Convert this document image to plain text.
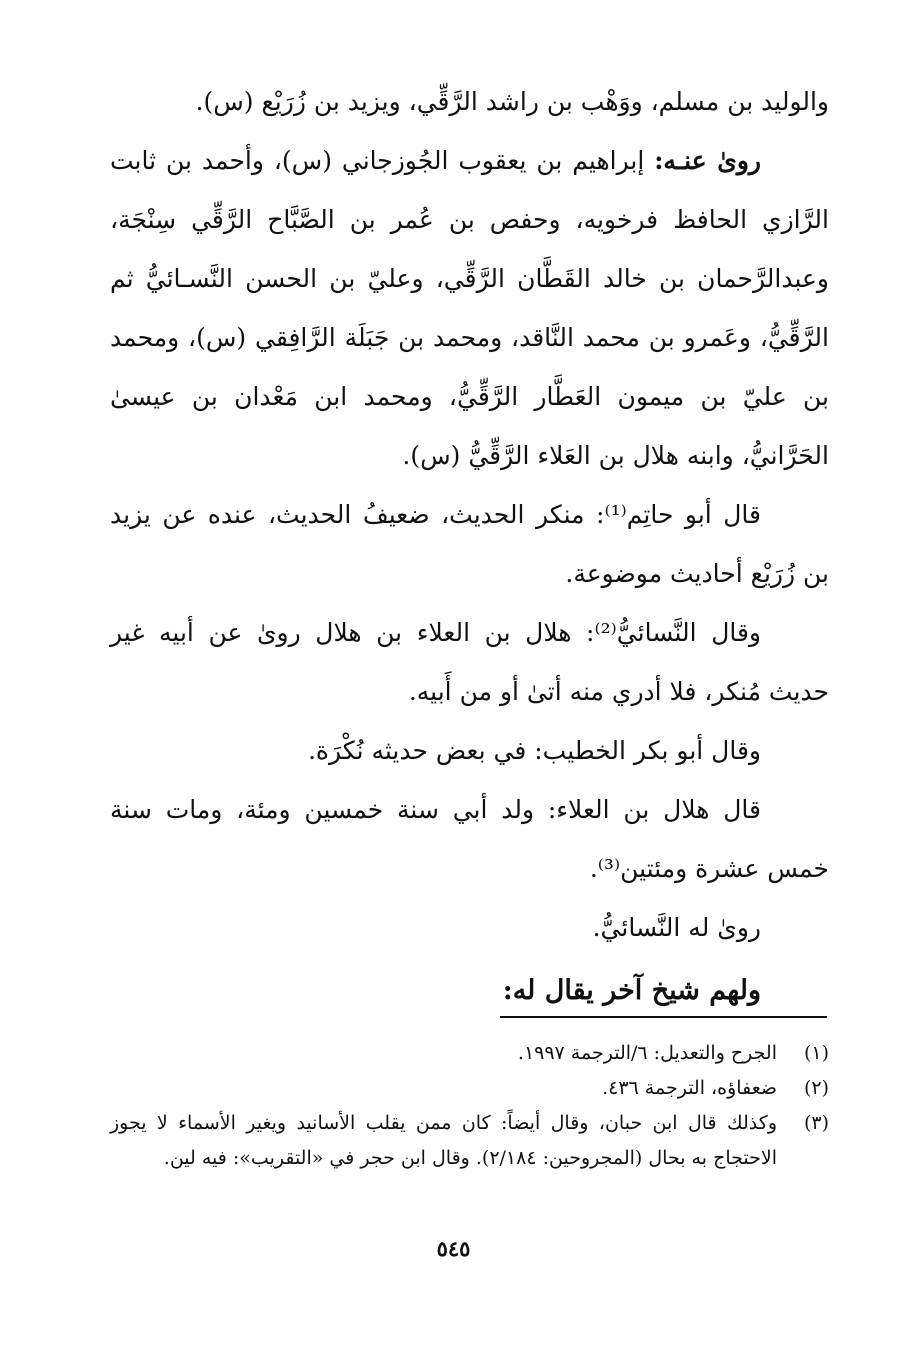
والوليد بن مسلم، ووَهْب بن راشد الرَّقِّي، ويزيد بن زُرَيْع (س).

روىٰ عنـه: إبراهيم بن يعقوب الجُوزجاني (س)، وأحمد بن ثابت الرَّازي الحافظ فرخويه، وحفص بن عُمر بن الصَّبَّاح الرَّقِّي سِنْجَة، وعبدالرَّحمان بن خالد القَطَّان الرَّقِّي، وعليّ بن الحسن النَّسـائيُّ ثم الرَّقِّيُّ، وعَمرو بن محمد النَّاقد، ومحمد بن جَبَلَة الرَّافِقي (س)، ومحمد بن عليّ بن ميمون العَطَّار الرَّقِّيُّ، ومحمد ابن مَعْدان بن عيسىٰ الحَرَّانيُّ، وابنه هلال بن العَلاء الرَّقِّيُّ (س).

قال أبو حاتِم⁽¹⁾: منكر الحديث، ضعيفُ الحديث، عنده عن يزيد بن زُرَيْع أحاديث موضوعة.

وقال النَّسائيُّ⁽²⁾: هلال بن العلاء بن هلال روىٰ عن أبيه غير حديث مُنكر، فلا أدري منه أتىٰ أو من أَبيه.

وقال أبو بكر الخطيب: في بعض حديثه نُكْرَة.

قال هلال بن العلاء: ولد أبي سنة خمسين ومئة، ومات سنة خمس عشرة ومئتين⁽³⁾.

روىٰ له النَّسائيُّ.

ولهم شيخ آخر يقال له:

(١)
الجرح والتعديل: ٦/الترجمة ١٩٩٧.
(٢)
ضعفاؤه، الترجمة ٤٣٦.
(٣)
وكذلك قال ابن حبان، وقال أيضاً: كان ممن يقلب الأسانيد ويغير الأسماء لا يجوز الاحتجاج به بحال (المجروحين: ٢/١٨٤). وقال ابن حجر في «التقريب»: فيه لين.
٥٤٥
